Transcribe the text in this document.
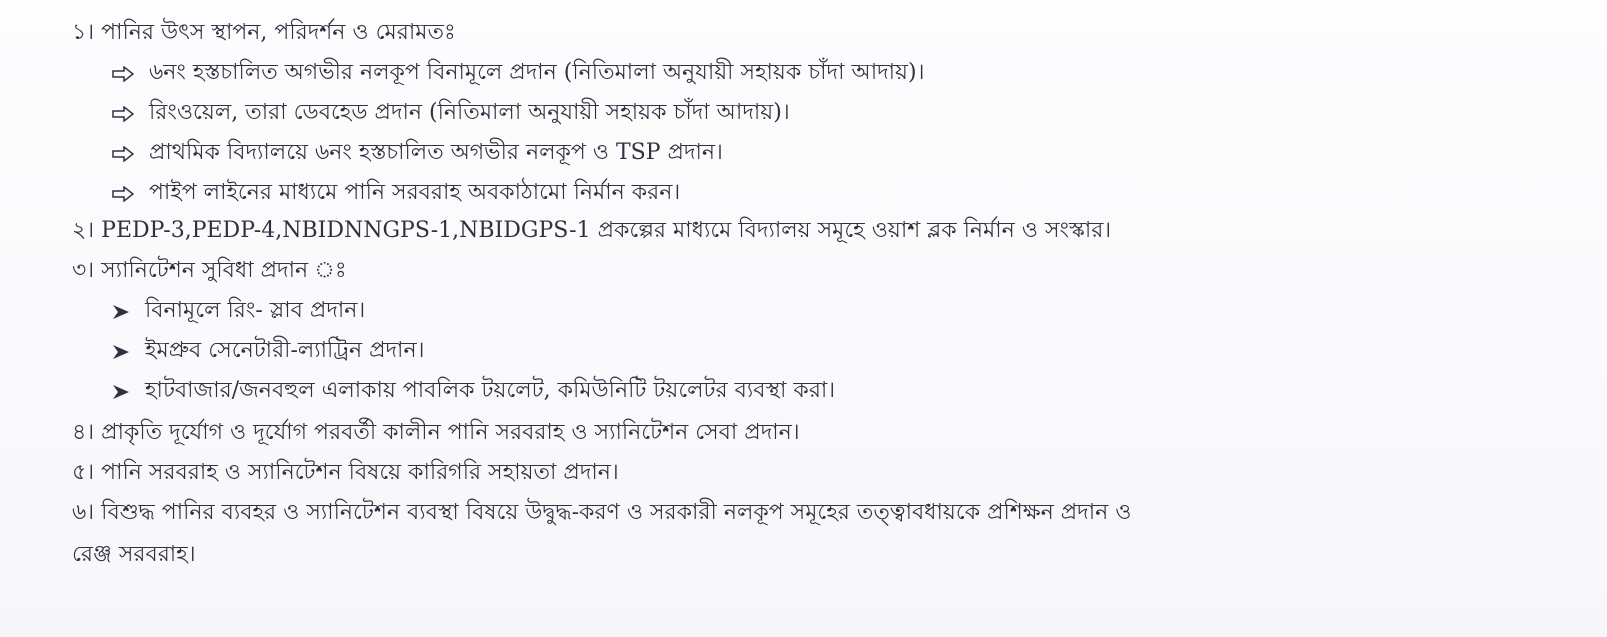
১। পানির উৎস স্থাপন, পরিদর্শন ও মেরামতঃ
৬নং হস্তচালিত অগভীর নলকূপ বিনামূলে প্রদান (নিতিমালা অনুযায়ী সহায়ক চাঁদা আদায়)।
রিংওয়েল, তারা ডেবহেড প্রদান (নিতিমালা অনুযায়ী সহায়ক চাঁদা আদায়)।
প্রাথমিক বিদ্যালয়ে ৬নং হস্তচালিত অগভীর নলকূপ ও TSP প্রদান।
পাইপ লাইনের মাধ্যমে পানি সরবরাহ অবকাঠামো নির্মান করন।
২। PEDP-3,PEDP-4,NBIDNNGPS-1,NBIDGPS-1 প্রকল্পের মাধ্যমে বিদ্যালয় সমূহে ওয়াশ ব্লক নির্মান ও সংস্কার।
৩। স্যানিটেশন সুবিধা প্রদান ঃ
বিনামূলে রিং- স্লাব প্রদান।
ইমপ্রুব সেনেটারী-ল্যাট্রিন প্রদান।
হাটবাজার/জনবহুল এলাকায় পাবলিক টয়লেট, কমিউনিটি টয়লেটর ব্যবস্থা করা।
৪। প্রাকৃতি দূর্যোগ ও দূর্যোগ পরবর্তী কালীন পানি সরবরাহ ও স্যানিটেশন সেবা প্রদান।
৫। পানি সরবরাহ ও স্যানিটেশন বিষয়ে কারিগরি সহায়তা প্রদান।
৬। বিশুদ্ধ পানির ব্যবহর ও স্যানিটেশন ব্যবস্থা বিষয়ে উদ্বুদ্ধ-করণ ও সরকারী নলকূপ সমূহের তত্ত্বাবধায়কে প্রশিক্ষন প্রদান ও
রেঞ্জ সরবরাহ।
